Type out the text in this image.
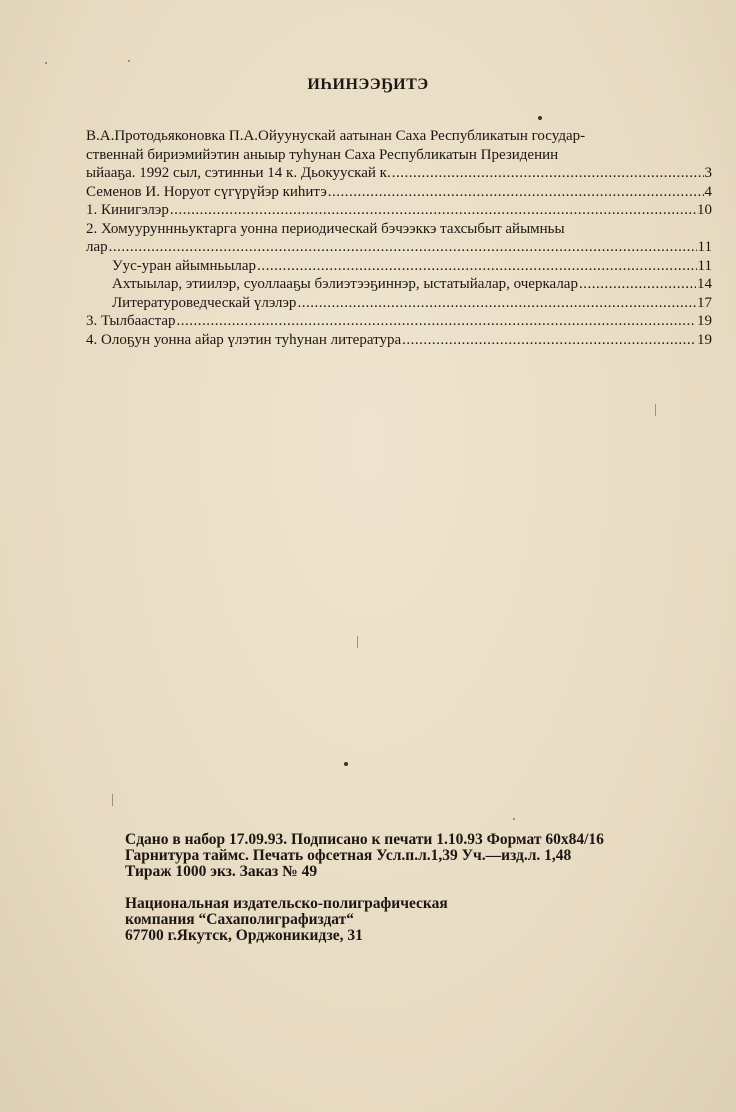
ИҺИНЭЭҔИТЭ
В.А.Протодьяконовка П.А.Ойуунускай аатынан Саха Республикатын государ-
ственнай бириэмийэтин аныыр туһунан Саха Республикатын Президенин
ыйааҕа. 1992 сыл, сэтинньи 14 к. Дьокуускай к. .....	3
Семенов И. Норуот сүгүрүйэр киһитэ .....	4
1. Кинигэлэр .....	10
2. Хомууруннньуктарга уонна периодическай бэчээккэ тахсыбыт айымньы
лар .....	11
Уус-уран айымньылар .....	11
Ахтыылар, этиилэр, суоллааҕы бэлиэтээҕиннэр, ыстатыйалар, очеркалар .....	14
Литературоведческай үлэлэр .....	17
3. Тылбаастар .....	19
4. Олоҕун уонна айар үлэтин туһунан литература .....	19
Сдано в набор 17.09.93. Подписано к печати 1.10.93 Формат 60х84/16
Гарнитура таймс. Печать офсетная Усл.п.л.1,39 Уч.—изд.л. 1,48
Тираж 1000 экз. Заказ № 49
Национальная издательско-полиграфическая
компания “Сахаполиграфиздат“
67700 г.Якутск, Орджоникидзе, 31
